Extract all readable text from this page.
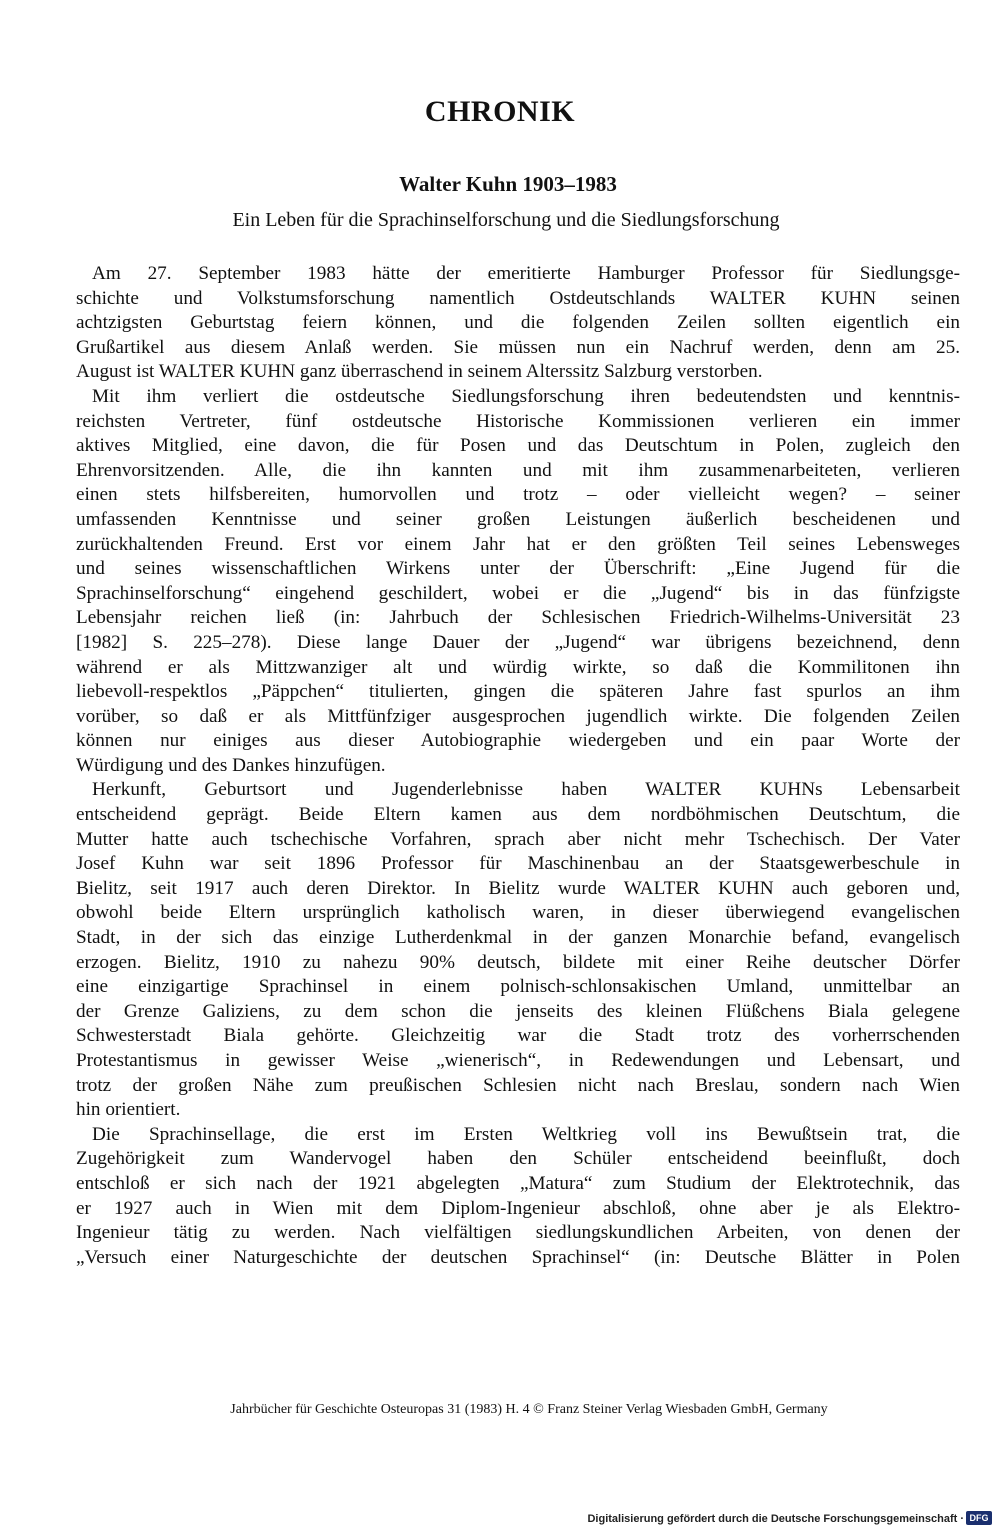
CHRONIK
Walter Kuhn 1903–1983
Ein Leben für die Sprachinselforschung und die Siedlungsforschung
Am 27. September 1983 hätte der emeritierte Hamburger Professor für Siedlungsge-
schichte und Volkstumsforschung namentlich Ostdeutschlands WALTER KUHN seinen
achtzigsten Geburtstag feiern können, und die folgenden Zeilen sollten eigentlich ein
Grußartikel aus diesem Anlaß werden. Sie müssen nun ein Nachruf werden, denn am 25.
August ist WALTER KUHN ganz überraschend in seinem Alterssitz Salzburg verstorben.
Mit ihm verliert die ostdeutsche Siedlungsforschung ihren bedeutendsten und kenntnis-
reichsten Vertreter, fünf ostdeutsche Historische Kommissionen verlieren ein immer
aktives Mitglied, eine davon, die für Posen und das Deutschtum in Polen, zugleich den
Ehrenvorsitzenden. Alle, die ihn kannten und mit ihm zusammenarbeiteten, verlieren
einen stets hilfsbereiten, humorvollen und trotz – oder vielleicht wegen? – seiner
umfassenden Kenntnisse und seiner großen Leistungen äußerlich bescheidenen und
zurückhaltenden Freund. Erst vor einem Jahr hat er den größten Teil seines Lebensweges
und seines wissenschaftlichen Wirkens unter der Überschrift: „Eine Jugend für die
Sprachinselforschung“ eingehend geschildert, wobei er die „Jugend“ bis in das fünfzigste
Lebensjahr reichen ließ (in: Jahrbuch der Schlesischen Friedrich-Wilhelms-Universität 23
[1982] S. 225–278). Diese lange Dauer der „Jugend“ war übrigens bezeichnend, denn
während er als Mittzwanziger alt und würdig wirkte, so daß die Kommilitonen ihn
liebevoll-respektlos „Päppchen“ titulierten, gingen die späteren Jahre fast spurlos an ihm
vorüber, so daß er als Mittfünfziger ausgesprochen jugendlich wirkte. Die folgenden Zeilen
können nur einiges aus dieser Autobiographie wiedergeben und ein paar Worte der
Würdigung und des Dankes hinzufügen.
Herkunft, Geburtsort und Jugenderlebnisse haben WALTER KUHNs Lebensarbeit
entscheidend geprägt. Beide Eltern kamen aus dem nordböhmischen Deutschtum, die
Mutter hatte auch tschechische Vorfahren, sprach aber nicht mehr Tschechisch. Der Vater
Josef Kuhn war seit 1896 Professor für Maschinenbau an der Staatsgewerbeschule in
Bielitz, seit 1917 auch deren Direktor. In Bielitz wurde WALTER KUHN auch geboren und,
obwohl beide Eltern ursprünglich katholisch waren, in dieser überwiegend evangelischen
Stadt, in der sich das einzige Lutherdenkmal in der ganzen Monarchie befand, evangelisch
erzogen. Bielitz, 1910 zu nahezu 90% deutsch, bildete mit einer Reihe deutscher Dörfer
eine einzigartige Sprachinsel in einem polnisch-schlonsakischen Umland, unmittelbar an
der Grenze Galiziens, zu dem schon die jenseits des kleinen Flüßchens Biala gelegene
Schwesterstadt Biala gehörte. Gleichzeitig war die Stadt trotz des vorherrschenden
Protestantismus in gewisser Weise „wienerisch“, in Redewendungen und Lebensart, und
trotz der großen Nähe zum preußischen Schlesien nicht nach Breslau, sondern nach Wien
hin orientiert.
Die Sprachinsellage, die erst im Ersten Weltkrieg voll ins Bewußtsein trat, die
Zugehörigkeit zum Wandervogel haben den Schüler entscheidend beeinflußt, doch
entschloß er sich nach der 1921 abgelegten „Matura“ zum Studium der Elektrotechnik, das
er 1927 auch in Wien mit dem Diplom-Ingenieur abschloß, ohne aber je als Elektro-
Ingenieur tätig zu werden. Nach vielfältigen siedlungskundlichen Arbeiten, von denen der
„Versuch einer Naturgeschichte der deutschen Sprachinsel“ (in: Deutsche Blätter in Polen
Jahrbücher für Geschichte Osteuropas 31 (1983) H. 4 © Franz Steiner Verlag Wiesbaden GmbH, Germany
Digitalisierung gefördert durch die Deutsche Forschungsgemeinschaft · DFG
